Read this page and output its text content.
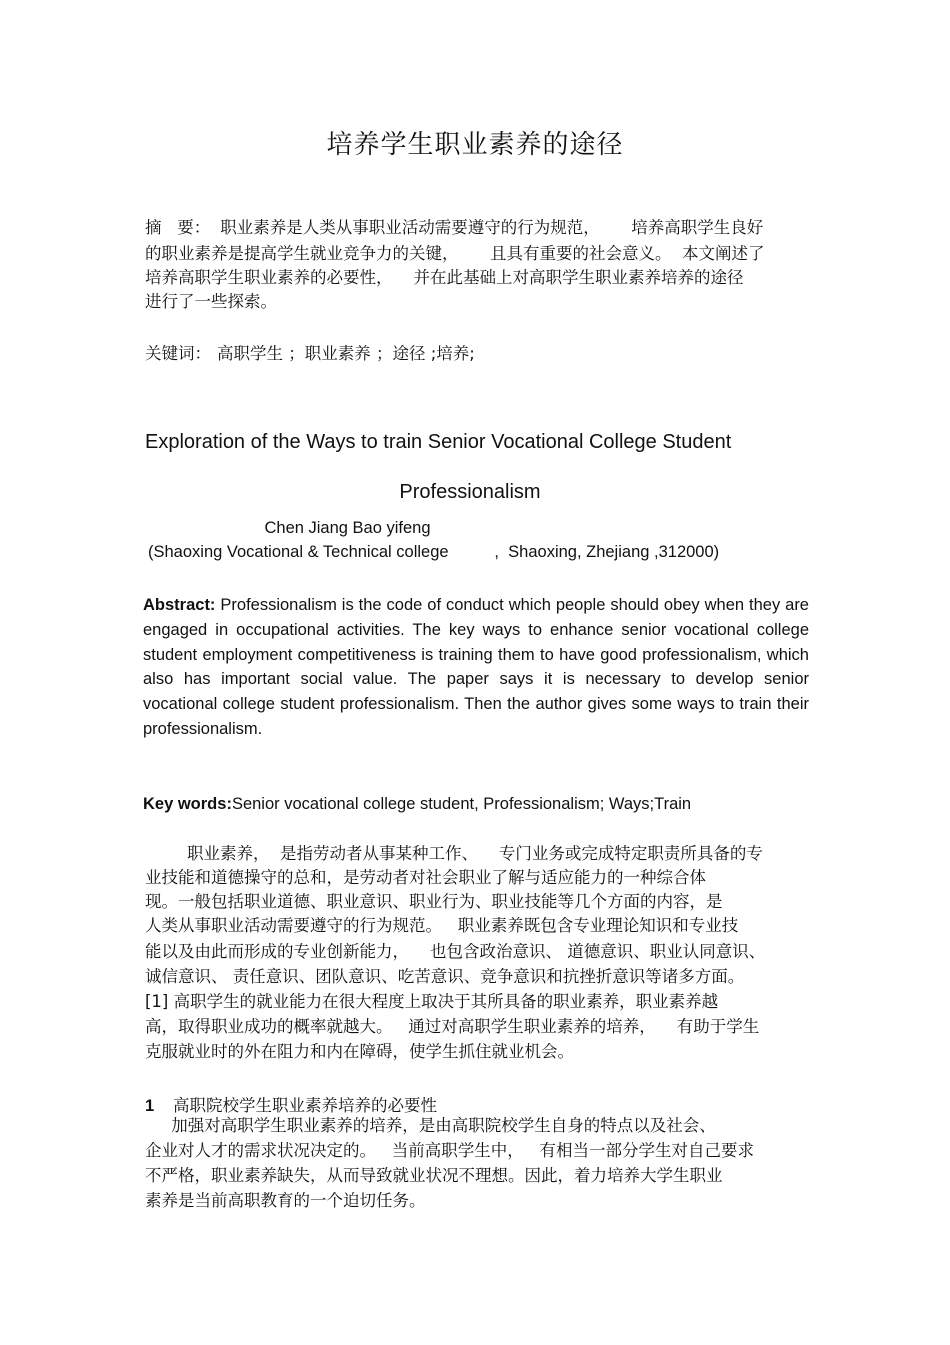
培养学生职业素养的途径
摘   要： 职业素养是人类从事职业活动需要遵守的行为规范，      培养高职学生良好
的职业素养是提高学生就业竞争力的关键，      且具有重要的社会意义。  本文阐述了
培养高职学生职业素养的必要性，    并在此基础上对高职学生职业素养培养的途径
进行了一些探索。
关键词： 高职学生 ；职业素养 ；途径 ;培养;
Exploration of the Ways to train Senior Vocational College Student
Professionalism
Chen Jiang Bao yifeng
(Shaoxing Vocational & Technical college          ,  Shaoxing, Zhejiang ,312000)
Abstract: Professionalism is the code of conduct which people should obey when they are engaged in occupational activities. The key ways to enhance senior vocational college student employment competitiveness is training them to have good professionalism, which also has important social value. The paper says it is necessary to develop senior vocational college student professionalism. Then the author gives some ways to train their professionalism.
Key words:Senior vocational college student, Professionalism; Ways;Train
职业素养，  是指劳动者从事某种工作、    专门业务或完成特定职责所具备的专
业技能和道德操守的总和，是劳动者对社会职业了解与适应能力的一种综合体
现。一般包括职业道德、职业意识、职业行为、职业技能等几个方面的内容，是
人类从事职业活动需要遵守的行为规范。   职业素养既包含专业理论知识和专业技
能以及由此而形成的专业创新能力，    也包含政治意识、 道德意识、职业认同意识、
诚信意识、 责任意识、团队意识、吃苦意识、竞争意识和抗挫折意识等诸多方面。
[1] 高职学生的就业能力在很大程度上取决于其所具备的职业素养，职业素养越
高，取得职业成功的概率就越大。   通过对高职学生职业素养的培养，    有助于学生
克服就业时的外在阻力和内在障碍，使学生抓住就业机会。
1 高职院校学生职业素养培养的必要性
加强对高职学生职业素养的培养，是由高职院校学生自身的特点以及社会、
企业对人才的需求状况决定的。   当前高职学生中，   有相当一部分学生对自己要求
不严格，职业素养缺失，从而导致就业状况不理想。因此，着力培养大学生职业
素养是当前高职教育的一个迫切任务。
